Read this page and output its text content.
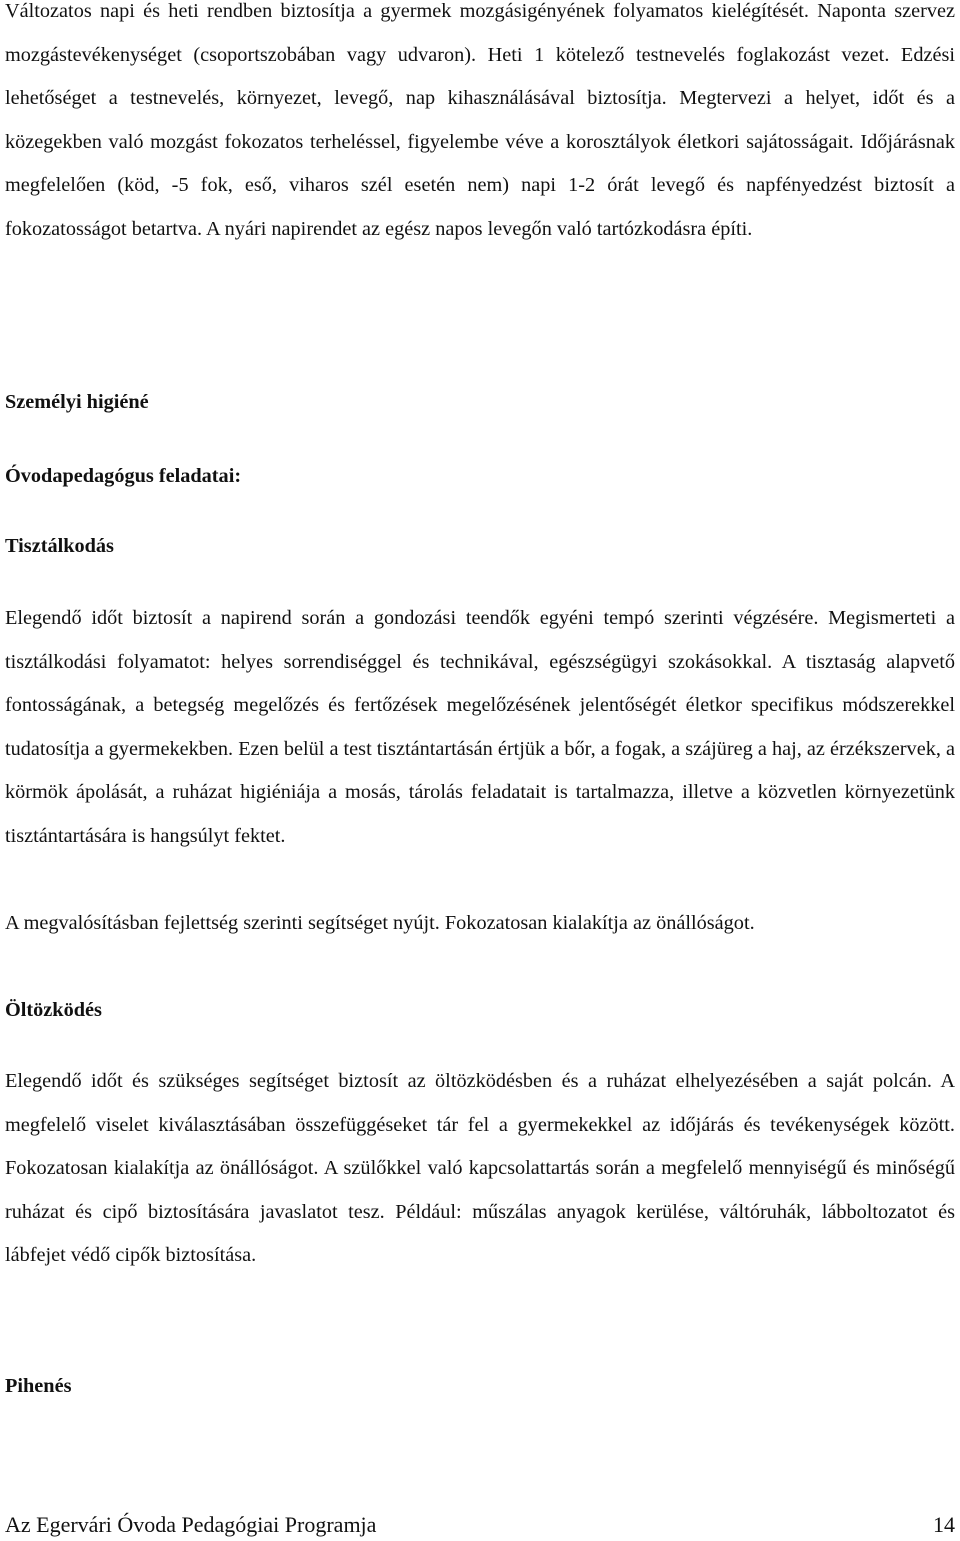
Változatos napi és heti rendben biztosítja a gyermek mozgásigényének folyamatos kielégítését. Naponta szervez mozgástevékenységet (csoportszobában vagy udvaron). Heti 1 kötelező testnevelés foglakozást vezet. Edzési lehetőséget a testnevelés, környezet, levegő, nap kihasználásával biztosítja. Megtervezi a helyet, időt és a közegekben való mozgást fokozatos terheléssel, figyelembe véve a korosztályok életkori sajátosságait. Időjárásnak megfelelően (köd, -5 fok, eső, viharos szél esetén nem) napi 1-2 órát levegő és napfényedzést biztosít a fokozatosságot betartva. A nyári napirendet az egész napos levegőn való tartózkodásra építi.

Személyi higiéné
Óvodapedagógus feladatai:
Tisztálkodás

Elegendő időt biztosít a napirend során a gondozási teendők egyéni tempó szerinti végzésére. Megismerteti a tisztálkodási folyamatot: helyes sorrendiséggel és technikával, egészségügyi szokásokkal. A tisztaság alapvető fontosságának, a betegség megelőzés és fertőzések megelőzésének jelentőségét életkor specifikus módszerekkel tudatosítja a gyermekekben. Ezen belül a test tisztántartásán értjük a bőr, a fogak, a szájüreg a haj, az érzékszervek, a körmök ápolását, a ruházat higiéniája a mosás, tárolás feladatait is tartalmazza, illetve a közvetlen környezetünk tisztántartására is hangsúlyt fektet.

A megvalósításban fejlettség szerinti segítséget nyújt. Fokozatosan kialakítja az önállóságot.

Öltözködés

Elegendő időt és szükséges segítséget biztosít az öltözködésben és a ruházat elhelyezésében a saját polcán. A megfelelő viselet kiválasztásában összefüggéseket tár fel a gyermekekkel az időjárás és tevékenységek között. Fokozatosan kialakítja az önállóságot. A szülőkkel való kapcsolattartás során a megfelelő mennyiségű és minőségű ruházat és cipő biztosítására javaslatot tesz. Például: műszálas anyagok kerülése, váltóruhák, lábboltozatot és lábfejet védő cipők biztosítása.

Pihenés
Az Egervári Óvoda Pedagógiai Programja	14
